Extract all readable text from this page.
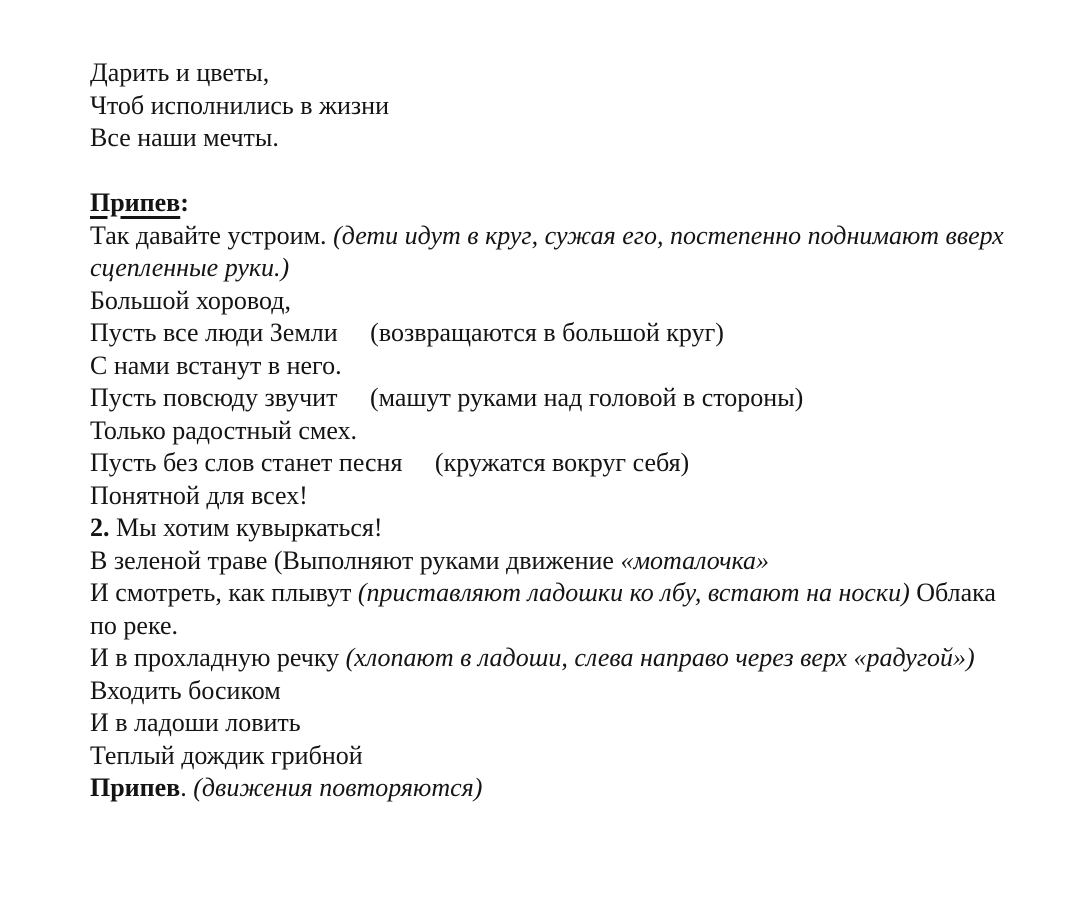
Дарить и цветы,

Чтоб исполнились в жизни

Все наши мечты.

Припев:

Так давайте устроим. (дети идут в круг, сужая его, постепенно поднимают вверх

сцепленные руки.)

Большой хоровод,

Пусть все люди Земли     (возвращаются в большой круг)

С нами встанут в него.

Пусть повсюду звучит     (машут руками над головой в стороны)

Только радостный смех.

Пусть без слов станет песня     (кружатся вокруг себя)

Понятной для всех!

2. Мы хотим кувыркаться!

В зеленой траве (Выполняют руками движение «моталочка»

И смотреть, как плывут (приставляют ладошки ко лбу, встают на носки) Облака

по реке.

И в прохладную речку (хлопают в ладоши, слева направо через верх «радугой»)

Входить босиком

И в ладоши ловить

Теплый дождик грибной

Припев. (движения повторяются)
